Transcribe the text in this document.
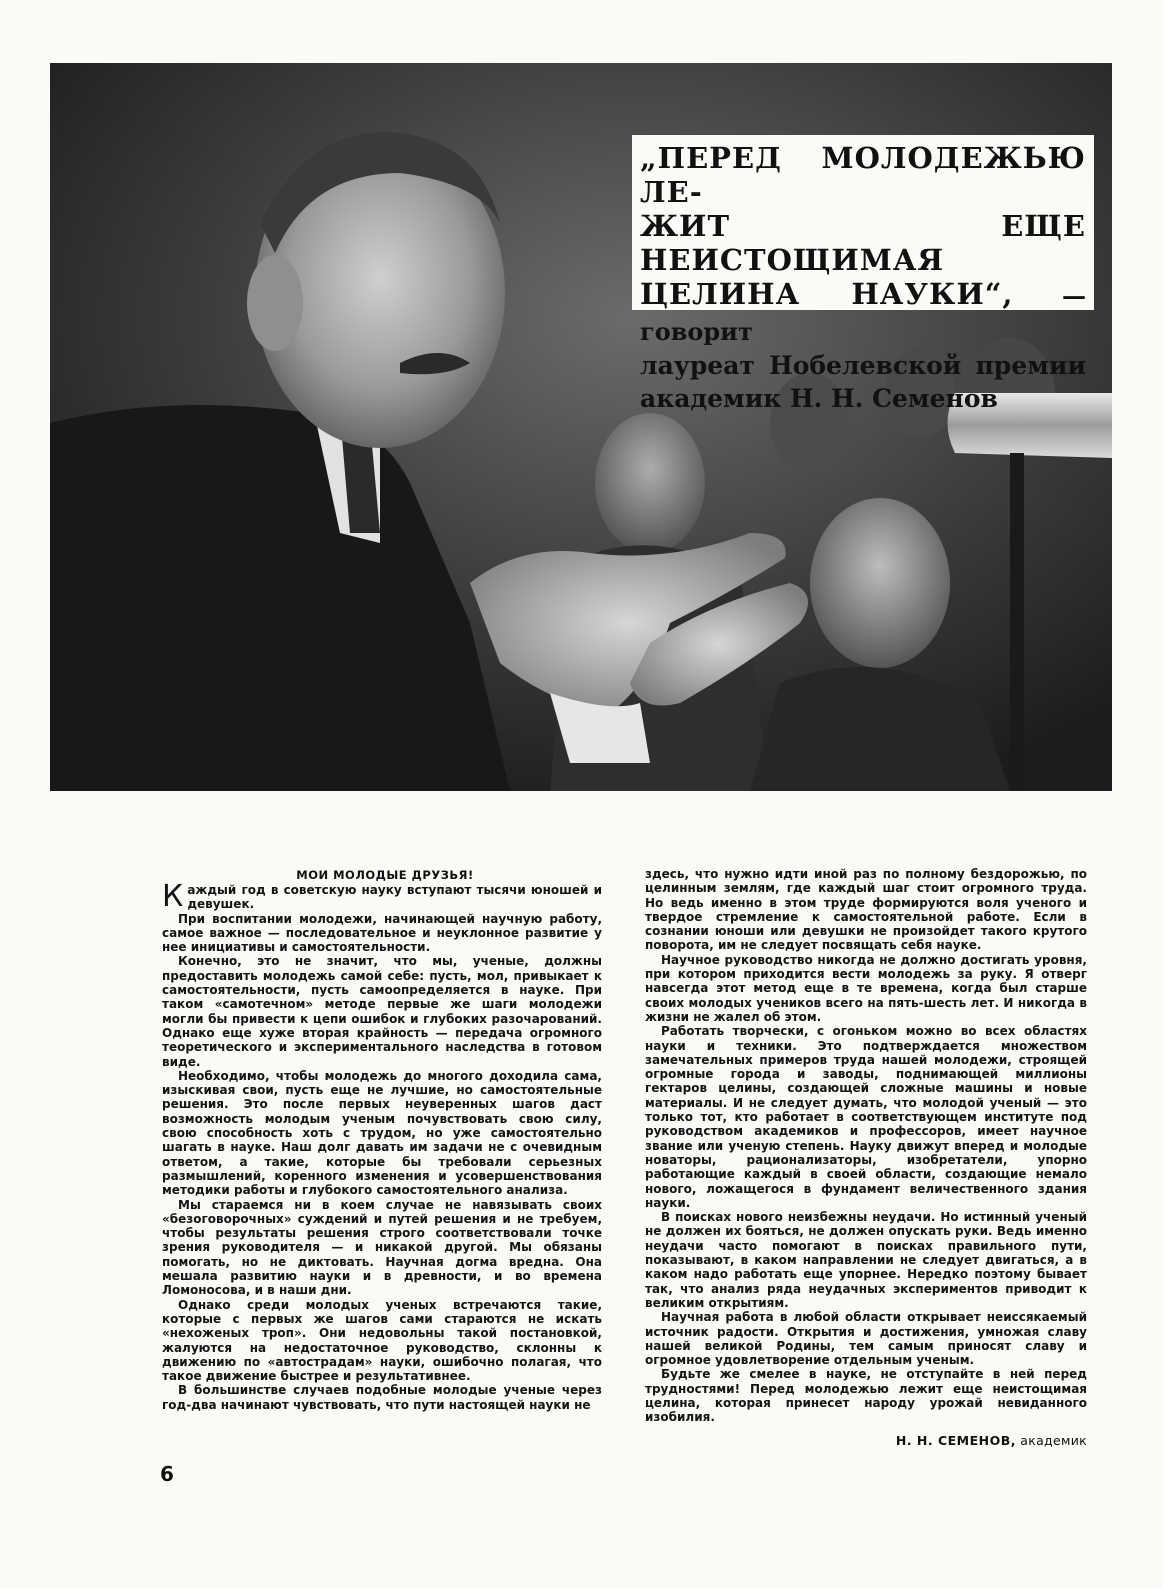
„ПЕРЕД МОЛОДЕЖЬЮ ЛЕ-
ЖИТ ЕЩЕ НЕИСТОЩИМАЯ
ЦЕЛИНА НАУКИ“, — говорит
лауреат Нобелевской премии
академик Н. Н. Семенов
МОИ МОЛОДЫЕ ДРУЗЬЯ!

Каждый год в советскую науку вступают тысячи юношей и девушек.

При воспитании молодежи, начинающей научную работу, самое важное — последовательное и неуклонное развитие у нее инициативы и самостоятельности.

Конечно, это не значит, что мы, ученые, должны предоставить молодежь самой себе: пусть, мол, привыкает к самостоятельности, пусть самоопределяется в науке. При таком «самотечном» методе первые же шаги молодежи могли бы привести к цепи ошибок и глубоких разочарований. Однако еще хуже вторая крайность — передача огромного теоретического и экспериментального наследства в готовом виде.

Необходимо, чтобы молодежь до многого доходила сама, изыскивая свои, пусть еще не лучшие, но самостоятельные решения. Это после первых неуверенных шагов даст возможность молодым ученым почувствовать свою силу, свою способность хоть с трудом, но уже самостоятельно шагать в науке. Наш долг давать им задачи не с очевидным ответом, а такие, которые бы требовали серьезных размышлений, коренного изменения и усовершенствования методики работы и глубокого самостоятельного анализа.

Мы стараемся ни в коем случае не навязывать своих «безоговорочных» суждений и путей решения и не требуем, чтобы результаты решения строго соответствовали точке зрения руководителя — и никакой другой. Мы обязаны помогать, но не диктовать. Научная догма вредна. Она мешала развитию науки и в древности, и во времена Ломоносова, и в наши дни.

Однако среди молодых ученых встречаются такие, которые с первых же шагов сами стараются не искать «нехоженых троп». Они недовольны такой постановкой, жалуются на недостаточное руководство, склонны к движению по «автострадам» науки, ошибочно полагая, что такое движение быстрее и результативнее.

В большинстве случаев подобные молодые ученые через год-два начинают чувствовать, что пути настоящей науки не

здесь, что нужно идти иной раз по полному бездорожью, по целинным землям, где каждый шаг стоит огромного труда. Но ведь именно в этом труде формируются воля ученого и твердое стремление к самостоятельной работе. Если в сознании юноши или девушки не произойдет такого крутого поворота, им не следует посвящать себя науке.

Научное руководство никогда не должно достигать уровня, при котором приходится вести молодежь за руку. Я отверг навсегда этот метод еще в те времена, когда был старше своих молодых учеников всего на пять-шесть лет. И никогда в жизни не жалел об этом.

Работать творчески, с огоньком можно во всех областях науки и техники. Это подтверждается множеством замечательных примеров труда нашей молодежи, строящей огромные города и заводы, поднимающей миллионы гектаров целины, создающей сложные машины и новые материалы. И не следует думать, что молодой ученый — это только тот, кто работает в соответствующем институте под руководством академиков и профессоров, имеет научное звание или ученую степень. Науку движут вперед и молодые новаторы, рационализаторы, изобретатели, упорно работающие каждый в своей области, создающие немало нового, ложащегося в фундамент величественного здания науки.

В поисках нового неизбежны неудачи. Но истинный ученый не должен их бояться, не должен опускать руки. Ведь именно неудачи часто помогают в поисках правильного пути, показывают, в каком направлении не следует двигаться, а в каком надо работать еще упорнее. Нередко поэтому бывает так, что анализ ряда неудачных экспериментов приводит к великим открытиям.

Научная работа в любой области открывает неиссякаемый источник радости. Открытия и достижения, умножая славу нашей великой Родины, тем самым приносят славу и огромное удовлетворение отдельным ученым.

Будьте же смелее в науке, не отступайте в ней перед трудностями! Перед молодежью лежит еще неистощимая целина, которая принесет народу урожай невиданного изобилия.

Н. Н. СЕМЕНОВ, академик
6
